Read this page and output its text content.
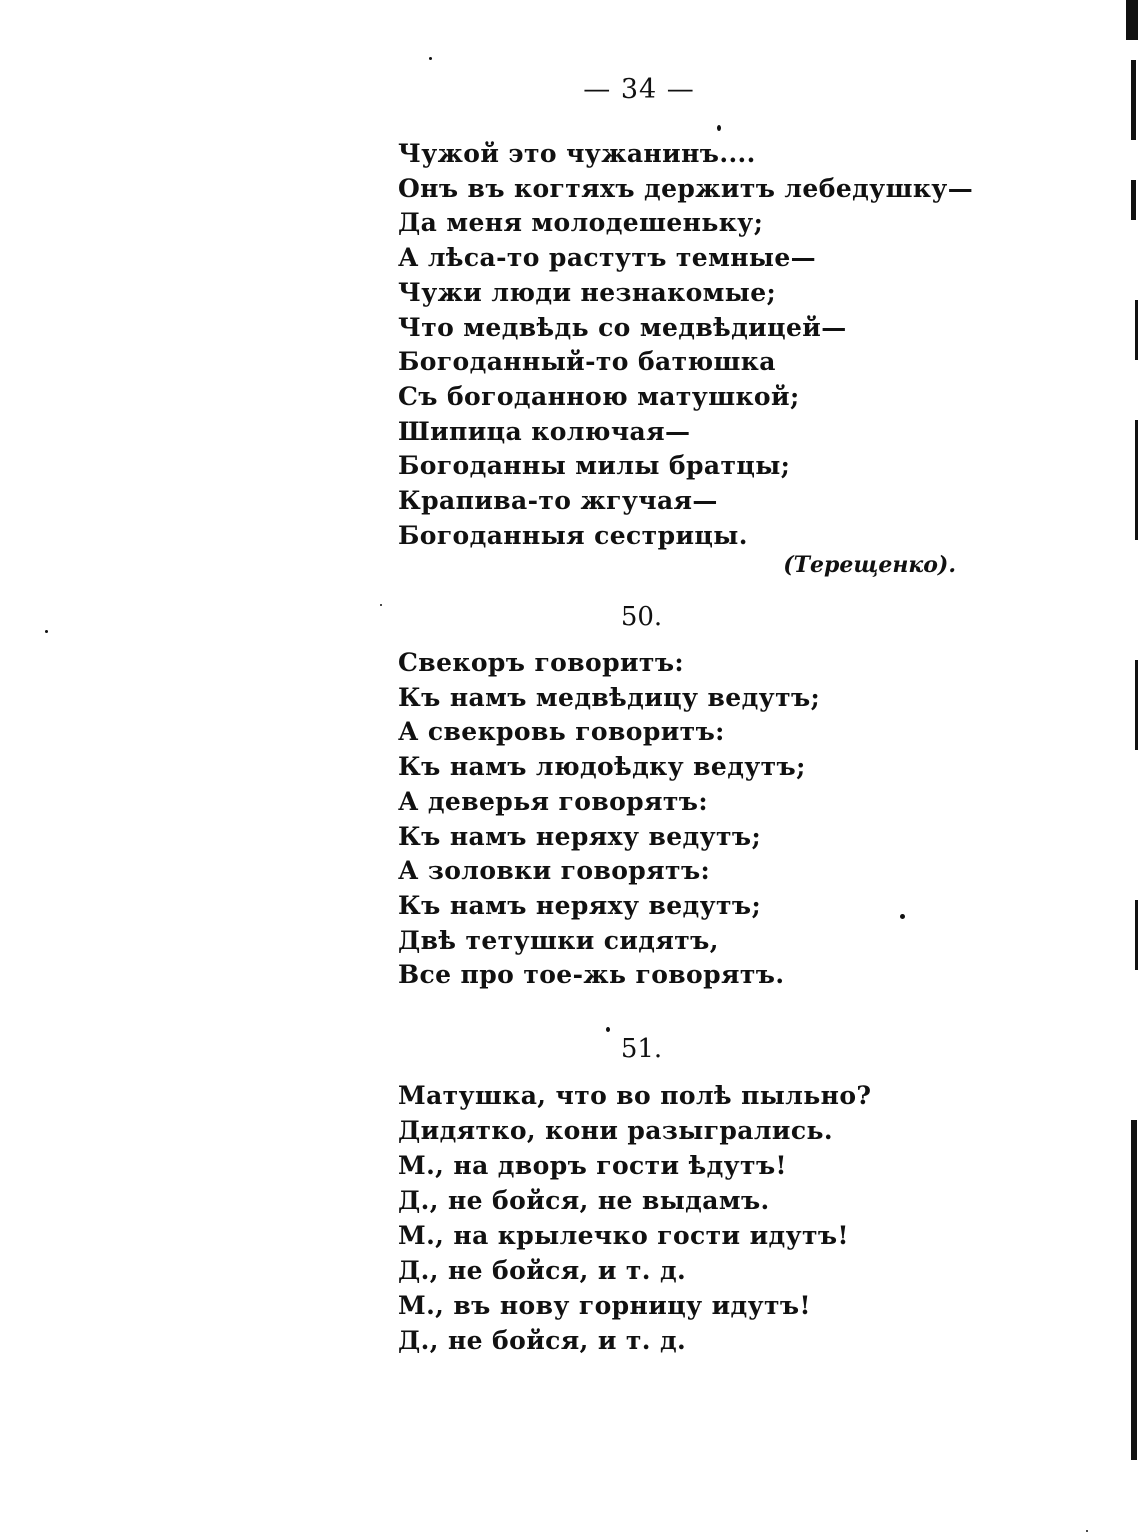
— 34 —
Чужой это чужанинъ....
Онъ въ когтяхъ держитъ лебедушку—
Да меня молодешеньку;
А лѣса-то растутъ темные—
Чужи люди незнакомые;
Что медвѣдь со медвѣдицей—
Богоданный-то батюшка
Съ богоданною матушкой;
Шипица колючая—
Богоданны милы братцы;
Крапива-то жгучая—
Богоданныя сестрицы.
(Терещенко).
50.
Свекоръ говоритъ:
Къ намъ медвѣдицу ведутъ;
А свекровь говоритъ:
Къ намъ людоѣдку ведутъ;
А деверья говорятъ:
Къ намъ неряху ведутъ;
А золовки говорятъ:
Къ намъ неряху ведутъ;
Двѣ тетушки сидятъ,
Все про тое-жь говорятъ.
51.
Матушка, что во полѣ пыльно?
Дидятко, кони разыгрались.
М., на дворъ гости ѣдутъ!
Д., не бойся, не выдамъ.
М., на крылечко гости идутъ!
Д., не бойся, и т. д.
М., въ нову горницу идутъ!
Д., не бойся, и т. д.
